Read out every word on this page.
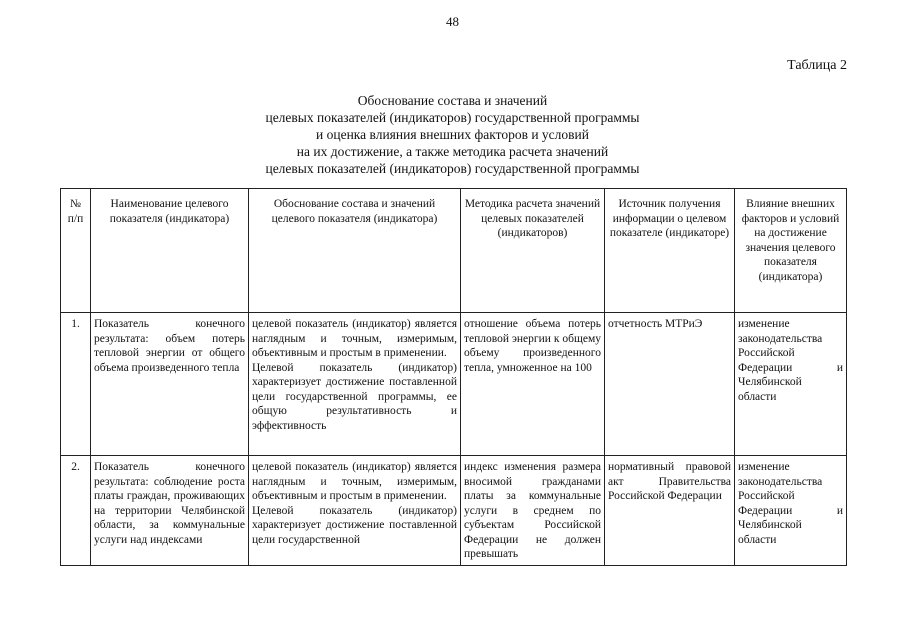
48
Таблица 2
Обоснование состава и значений
целевых показателей (индикаторов) государственной программы
и оценка влияния внешних факторов и условий
на их достижение, а также методика расчета значений
целевых показателей (индикаторов) государственной программы
№ п/п	Наименование целевого показателя (индикатора)	Обоснование состава и значений целевого показателя (индикатора)	Методика расчета значений целевых показателей (индикаторов)	Источник получения информации о целевом показателе (индикаторе)	Влияние внешних факторов и условий на достижение значения целевого показателя (индикатора)
1.	Показатель конечного результата: объем потерь тепловой энергии от общего объема произведенного тепла	целевой показатель (индикатор) является наглядным и точным, измеримым, объективным и простым в применении.

Целевой показатель (индикатор) характеризует достижение поставленной цели государственной программы, ее общую результативность и эффективность	отношение объема потерь тепловой энергии к общему объему произведенного тепла, умноженное на 100	отчетность МТРиЭ	изменение законодательства Российской Федерации и Челябинской области
2.	Показатель конечного результата: соблюдение роста платы граждан, проживающих на территории Челябинской области, за коммунальные услуги над индексами	целевой показатель (индикатор) является наглядным и точным, измеримым, объективным и простым в применении.

Целевой показатель (индикатор) характеризует достижение поставленной цели государственной	индекс изменения размера вносимой гражданами платы за коммунальные услуги в среднем по субъектам Российской Федерации не должен превышать	нормативный правовой акт Правительства Российской Федерации	изменение законодательства Российской Федерации и Челябинской области
